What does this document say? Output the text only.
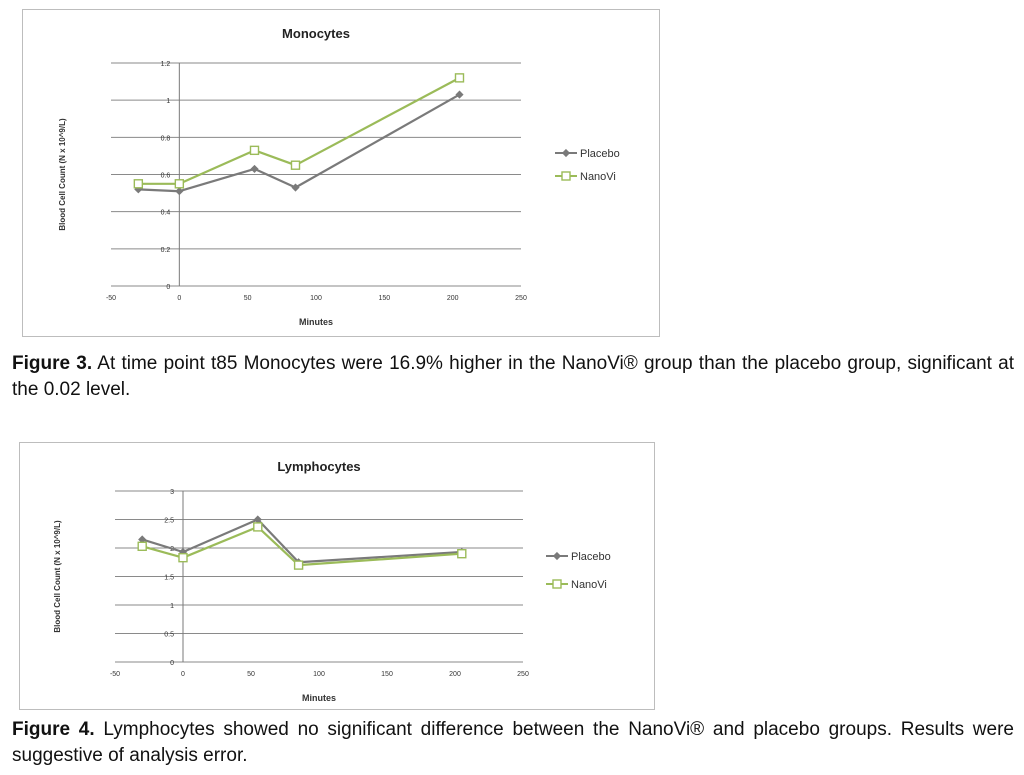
Monocytes
0
0.2
0.4
0.6
0.8
1
1.2
-50	0	50	100	150	200	250
Minutes
Blood Cell Count (N x 10^9/L)	Placebo
NanoVi
Figure 3. At time point t85 Monocytes were 16.9% higher in the NanoVi® group than the placebo group, significant at the 0.02 level.
Lymphocytes
0
0.5
1
1.5
2
2.5
3
-50	0	50	100	150	200	250
Minutes
Blood Cell Count (N x 10^9/L)	Placebo
NanoVi
Figure 4. Lymphocytes showed no significant difference between the NanoVi® and placebo groups. Results were suggestive of analysis error.
